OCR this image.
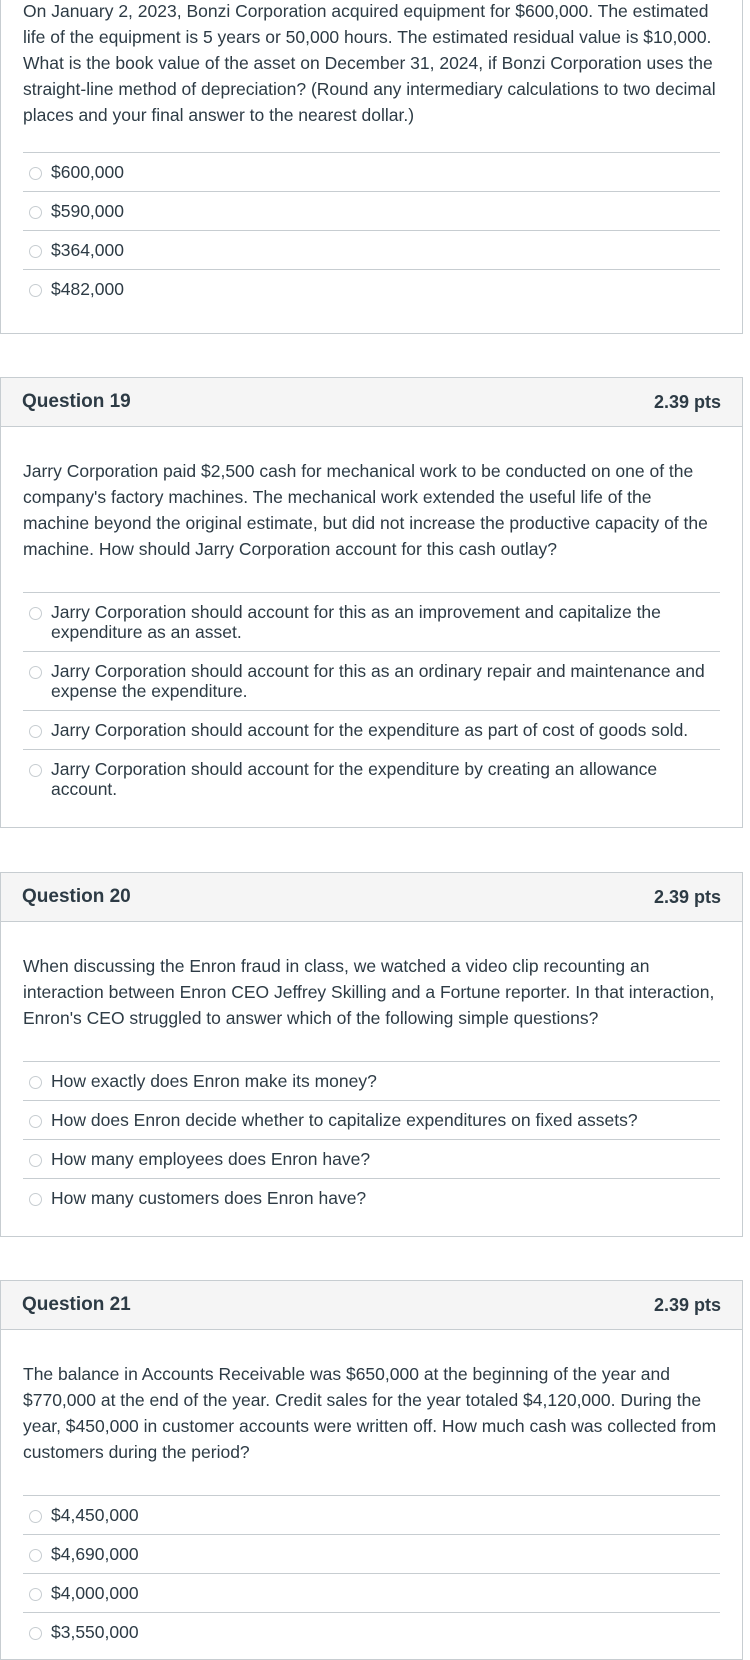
On January 2, 2023, Bonzi Corporation acquired equipment for $600,000. The estimated life of the equipment is 5 years or 50,000 hours. The estimated residual value is $10,000. What is the book value of the asset on December 31, 2024, if Bonzi Corporation uses the straight-line method of depreciation? (Round any intermediary calculations to two decimal places and your final answer to the nearest dollar.)
$600,000
$590,000
$364,000
$482,000
Question 19	2.39 pts
Jarry Corporation paid $2,500 cash for mechanical work to be conducted on one of the company's factory machines. The mechanical work extended the useful life of the machine beyond the original estimate, but did not increase the productive capacity of the machine. How should Jarry Corporation account for this cash outlay?
Jarry Corporation should account for this as an improvement and capitalize the expenditure as an asset.
Jarry Corporation should account for this as an ordinary repair and maintenance and expense the expenditure.
Jarry Corporation should account for the expenditure as part of cost of goods sold.
Jarry Corporation should account for the expenditure by creating an allowance account.
Question 20	2.39 pts
When discussing the Enron fraud in class, we watched a video clip recounting an interaction between Enron CEO Jeffrey Skilling and a Fortune reporter. In that interaction, Enron's CEO struggled to answer which of the following simple questions?
How exactly does Enron make its money?
How does Enron decide whether to capitalize expenditures on fixed assets?
How many employees does Enron have?
How many customers does Enron have?
Question 21	2.39 pts
The balance in Accounts Receivable was $650,000 at the beginning of the year and $770,000 at the end of the year. Credit sales for the year totaled $4,120,000. During the year, $450,000 in customer accounts were written off. How much cash was collected from customers during the period?
$4,450,000
$4,690,000
$4,000,000
$3,550,000
